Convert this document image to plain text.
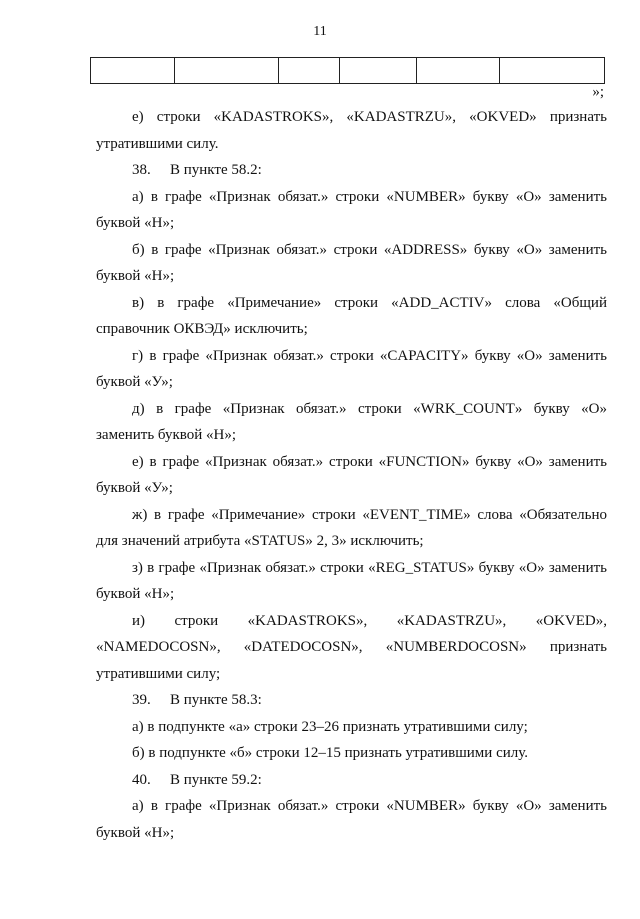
11

»;

е) строки «KADASTROKS», «KADASTRZU», «OKVED» признать утратившими силу.

38. В пункте 58.2:

а) в графе «Признак обязат.» строки «NUMBER» букву «О» заменить буквой «Н»;

б) в графе «Признак обязат.» строки «ADDRESS» букву «О» заменить буквой «Н»;

в) в графе «Примечание» строки «ADD_ACTIV» слова «Общий справочник ОКВЭД» исключить;

г) в графе «Признак обязат.» строки «CAPACITY» букву «О» заменить буквой «У»;

д) в графе «Признак обязат.» строки «WRK_COUNT» букву «О» заменить буквой «Н»;

е) в графе «Признак обязат.» строки «FUNCTION» букву «О» заменить буквой «У»;

ж) в графе «Примечание» строки «EVENT_TIME» слова «Обязательно для значений атрибута «STATUS» 2, 3» исключить;

з) в графе «Признак обязат.» строки «REG_STATUS» букву «О» заменить буквой «Н»;

и) строки «KADASTROKS», «KADASTRZU», «OKVED», «NAMEDOCOSN», «DATEDOCOSN», «NUMBERDOCOSN» признать утратившими силу;

39. В пункте 58.3:

а) в подпункте «а» строки 23–26 признать утратившими силу;

б) в подпункте «б» строки 12–15 признать утратившими силу.

40. В пункте 59.2:

а) в графе «Признак обязат.» строки «NUMBER» букву «О» заменить буквой «Н»;
